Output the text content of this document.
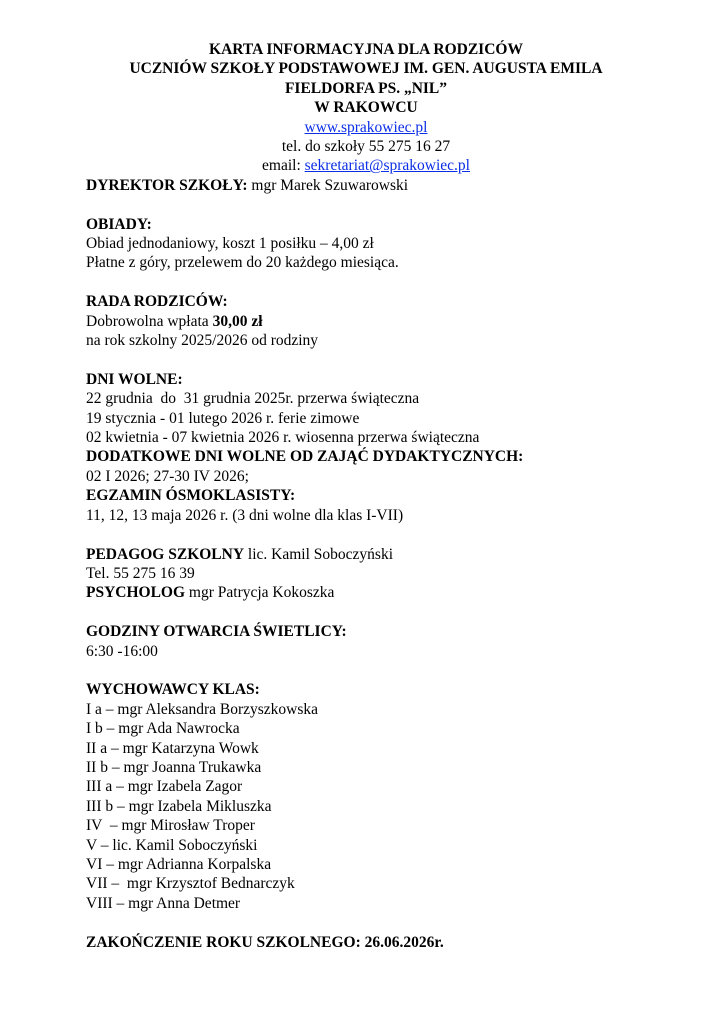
KARTA INFORMACYJNA DLA RODZICÓW
UCZNIÓW SZKOŁY PODSTAWOWEJ IM. GEN. AUGUSTA EMILA
FIELDORFA PS. „NIL”
W RAKOWCU
www.sprakowiec.pl
tel. do szkoły 55 275 16 27
email: sekretariat@sprakowiec.pl
DYREKTOR SZKOŁY: mgr Marek Szuwarowski
OBIADY:
Obiad jednodaniowy, koszt 1 posiłku – 4,00 zł
Płatne z góry, przelewem do 20 każdego miesiąca.
RADA RODZICÓW:
Dobrowolna wpłata 30,00 zł
na rok szkolny 2025/2026 od rodziny
DNI WOLNE:
22 grudnia  do  31 grudnia 2025r. przerwa świąteczna
19 stycznia - 01 lutego 2026 r. ferie zimowe
02 kwietnia - 07 kwietnia 2026 r. wiosenna przerwa świąteczna
DODATKOWE DNI WOLNE OD ZAJĄĆ DYDAKTYCZNYCH:
02 I 2026; 27-30 IV 2026;
EGZAMIN ÓSMOKLASISTY:
11, 12, 13 maja 2026 r. (3 dni wolne dla klas I-VII)
PEDAGOG SZKOLNY lic. Kamil Soboczyński
Tel. 55 275 16 39
PSYCHOLOG mgr Patrycja Kokoszka
GODZINY OTWARCIA ŚWIETLICY:
6:30 -16:00
WYCHOWAWCY KLAS:
I a – mgr Aleksandra Borzyszkowska
I b – mgr Ada Nawrocka
II a – mgr Katarzyna Wowk
II b – mgr Joanna Trukawka
III a – mgr Izabela Zagor
III b – mgr Izabela Mikluszka
IV  – mgr Mirosław Troper
V – lic. Kamil Soboczyński
VI – mgr Adrianna Korpalska
VII –  mgr Krzysztof Bednarczyk
VIII – mgr Anna Detmer
ZAKOŃCZENIE ROKU SZKOLNEGO: 26.06.2026r.
